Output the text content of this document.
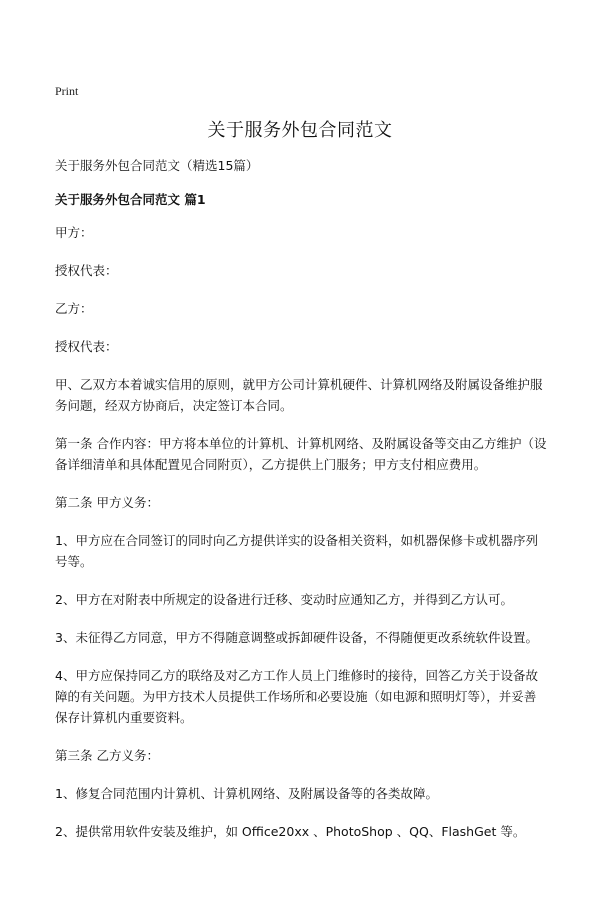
Print
关于服务外包合同范文

关于服务外包合同范文（精选15篇）

关于服务外包合同范文 篇1

甲方：

授权代表：

乙方：

授权代表：

甲、乙双方本着诚实信用的原则，就甲方公司计算机硬件、计算机网络及附属设备维护服务问题，经双方协商后，决定签订本合同。

第一条 合作内容：甲方将本单位的计算机、计算机网络、及附属设备等交由乙方维护（设备详细清单和具体配置见合同附页），乙方提供上门服务；甲方支付相应费用。

第二条 甲方义务：

1、甲方应在合同签订的同时向乙方提供详实的设备相关资料，如机器保修卡或机器序列号等。

2、甲方在对附表中所规定的设备进行迁移、变动时应通知乙方，并得到乙方认可。

3、未征得乙方同意，甲方不得随意调整或拆卸硬件设备，不得随便更改系统软件设置。

4、甲方应保持同乙方的联络及对乙方工作人员上门维修时的接待，回答乙方关于设备故障的有关问题。为甲方技术人员提供工作场所和必要设施（如电源和照明灯等），并妥善保存计算机内重要资料。

第三条 乙方义务：

1、修复合同范围内计算机、计算机网络、及附属设备等的各类故障。

2、提供常用软件安装及维护，如 Office20xx 、PhotoShop 、QQ、FlashGet 等。
